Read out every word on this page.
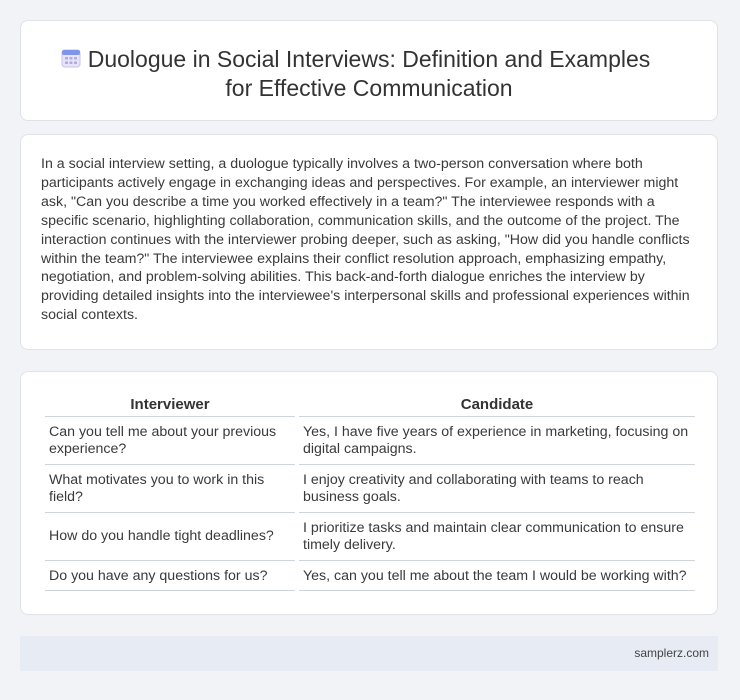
Duologue in Social Interviews: Definition and Examples
for Effective Communication
In a social interview setting, a duologue typically involves a two-person conversation where both participants actively engage in exchanging ideas and perspectives. For example, an interviewer might ask, "Can you describe a time you worked effectively in a team?" The interviewee responds with a specific scenario, highlighting collaboration, communication skills, and the outcome of the project. The interaction continues with the interviewer probing deeper, such as asking, "How did you handle conflicts within the team?" The interviewee explains their conflict resolution approach, emphasizing empathy, negotiation, and problem-solving abilities. This back-and-forth dialogue enriches the interview by providing detailed insights into the interviewee's interpersonal skills and professional experiences within social contexts.
Interviewer	Candidate
Can you tell me about your previous experience?	Yes, I have five years of experience in marketing, focusing on digital campaigns.
What motivates you to work in this field?	I enjoy creativity and collaborating with teams to reach business goals.
How do you handle tight deadlines?	I prioritize tasks and maintain clear communication to ensure timely delivery.
Do you have any questions for us?	Yes, can you tell me about the team I would be working with?
samplerz.com
